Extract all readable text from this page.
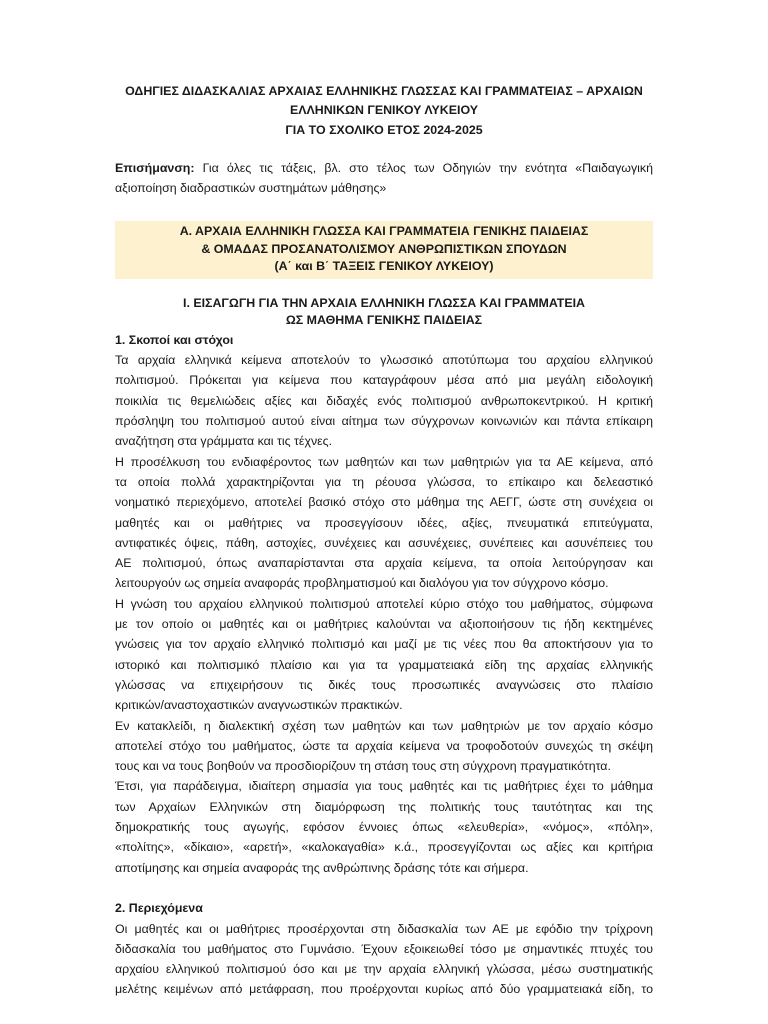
ΟΔΗΓΙΕΣ ΔΙΔΑΣΚΑΛΙΑΣ ΑΡΧΑΙΑΣ ΕΛΛΗΝΙΚΗΣ ΓΛΩΣΣΑΣ ΚΑΙ ΓΡΑΜΜΑΤΕΙΑΣ – ΑΡΧΑΙΩΝ
ΕΛΛΗΝΙΚΩΝ ΓΕΝΙΚΟΥ ΛΥΚΕΙΟΥ
ΓΙΑ ΤΟ ΣΧΟΛΙΚΟ ΕΤΟΣ 2024-2025
Επισήμανση: Για όλες τις τάξεις, βλ. στο τέλος των Οδηγιών την ενότητα «Παιδαγωγική
αξιοποίηση διαδραστικών συστημάτων μάθησης»
Α. ΑΡΧΑΙΑ ΕΛΛΗΝΙΚΗ ΓΛΩΣΣΑ ΚΑΙ ΓΡΑΜΜΑΤΕΙΑ ΓΕΝΙΚΗΣ ΠΑΙΔΕΙΑΣ
& ΟΜΑΔΑΣ ΠΡΟΣΑΝΑΤΟΛΙΣΜΟΥ ΑΝΘΡΩΠΙΣΤΙΚΩΝ ΣΠΟΥΔΩΝ
(Α΄ και Β΄ ΤΑΞΕΙΣ ΓΕΝΙΚΟΥ ΛΥΚΕΙΟΥ)
Ι. ΕΙΣΑΓΩΓΗ ΓΙΑ ΤΗΝ ΑΡΧΑΙΑ ΕΛΛΗΝΙΚΗ ΓΛΩΣΣΑ ΚΑΙ ΓΡΑΜΜΑΤΕΙΑ
ΩΣ ΜΑΘΗΜΑ ΓΕΝΙΚΗΣ ΠΑΙΔΕΙΑΣ
1. Σκοποί και στόχοι
Τα αρχαία ελληνικά κείμενα αποτελούν το γλωσσικό αποτύπωμα του αρχαίου ελληνικού
πολιτισμού. Πρόκειται για κείμενα που καταγράφουν μέσα από μια μεγάλη ειδολογική
ποικιλία τις θεμελιώδεις αξίες και διδαχές ενός πολιτισμού ανθρωποκεντρικού. Η κριτική
πρόσληψη του πολιτισμού αυτού είναι αίτημα των σύγχρονων κοινωνιών και πάντα επίκαιρη
αναζήτηση στα γράμματα και τις τέχνες.
Η προσέλκυση του ενδιαφέροντος των μαθητών και των μαθητριών για τα ΑΕ κείμενα, από
τα οποία πολλά χαρακτηρίζονται για τη ρέουσα γλώσσα, το επίκαιρο και δελεαστικό
νοηματικό περιεχόμενο, αποτελεί βασικό στόχο στο μάθημα της ΑΕΓΓ, ώστε στη συνέχεια οι
μαθητές και οι μαθήτριες να προσεγγίσουν ιδέες, αξίες, πνευματικά επιτεύγματα,
αντιφατικές όψεις, πάθη, αστοχίες, συνέχειες και ασυνέχειες, συνέπειες και ασυνέπειες του
ΑΕ πολιτισμού, όπως αναπαρίστανται στα αρχαία κείμενα, τα οποία λειτούργησαν και
λειτουργούν ως σημεία αναφοράς προβληματισμού και διαλόγου για τον σύγχρονο κόσμο.
Η γνώση του αρχαίου ελληνικού πολιτισμού αποτελεί κύριο στόχο του μαθήματος, σύμφωνα
με τον οποίο οι μαθητές και οι μαθήτριες καλούνται να αξιοποιήσουν τις ήδη κεκτημένες
γνώσεις για τον αρχαίο ελληνικό πολιτισμό και μαζί με τις νέες που θα αποκτήσουν για το
ιστορικό και πολιτισμικό πλαίσιο και για τα γραμματειακά είδη της αρχαίας ελληνικής
γλώσσας να επιχειρήσουν τις δικές τους προσωπικές αναγνώσεις στο πλαίσιο
κριτικών/αναστοχαστικών αναγνωστικών πρακτικών.
Εν κατακλείδι, η διαλεκτική σχέση των μαθητών και των μαθητριών με τον αρχαίο κόσμο
αποτελεί στόχο του μαθήματος, ώστε τα αρχαία κείμενα να τροφοδοτούν συνεχώς τη σκέψη
τους και να τους βοηθούν να προσδιορίζουν τη στάση τους στη σύγχρονη πραγματικότητα.
Έτσι, για παράδειγμα, ιδιαίτερη σημασία για τους μαθητές και τις μαθήτριες έχει το μάθημα
των Αρχαίων Ελληνικών στη διαμόρφωση της πολιτικής τους ταυτότητας και της
δημοκρατικής τους αγωγής, εφόσον έννοιες όπως «ελευθερία», «νόμος», «πόλη»,
«πολίτης», «δίκαιο», «αρετή», «καλοκαγαθία» κ.ά., προσεγγίζονται ως αξίες και κριτήρια
αποτίμησης και σημεία αναφοράς της ανθρώπινης δράσης τότε και σήμερα.
2. Περιεχόμενα
Οι μαθητές και οι μαθήτριες προσέρχονται στη διδασκαλία των ΑΕ με εφόδιο την τρίχρονη
διδασκαλία του μαθήματος στο Γυμνάσιο. Έχουν εξοικειωθεί τόσο με σημαντικές πτυχές του
αρχαίου ελληνικού πολιτισμού όσο και με την αρχαία ελληνική γλώσσα, μέσω συστηματικής
μελέτης κειμένων από μετάφραση, που προέρχονται κυρίως από δύο γραμματειακά είδη, το
